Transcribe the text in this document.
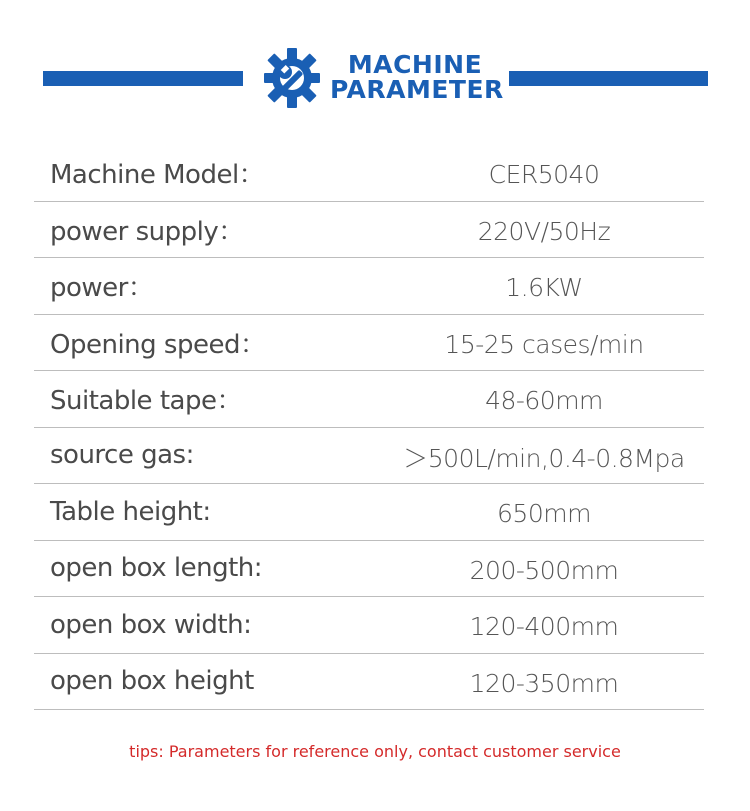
MACHINE
PARAMETER
Machine Model：	CER5040
power supply：	220V/50Hz
power：	1.6KW
Opening speed：	15-25 cases/min
Suitable tape：	48-60mm
source gas:	＞500L/min,0.4-0.8Mpa
Table height:	650mm
open box length:	200-500mm
open box width:	120-400mm
open box height	120-350mm
tips: Parameters for reference only, contact customer service
